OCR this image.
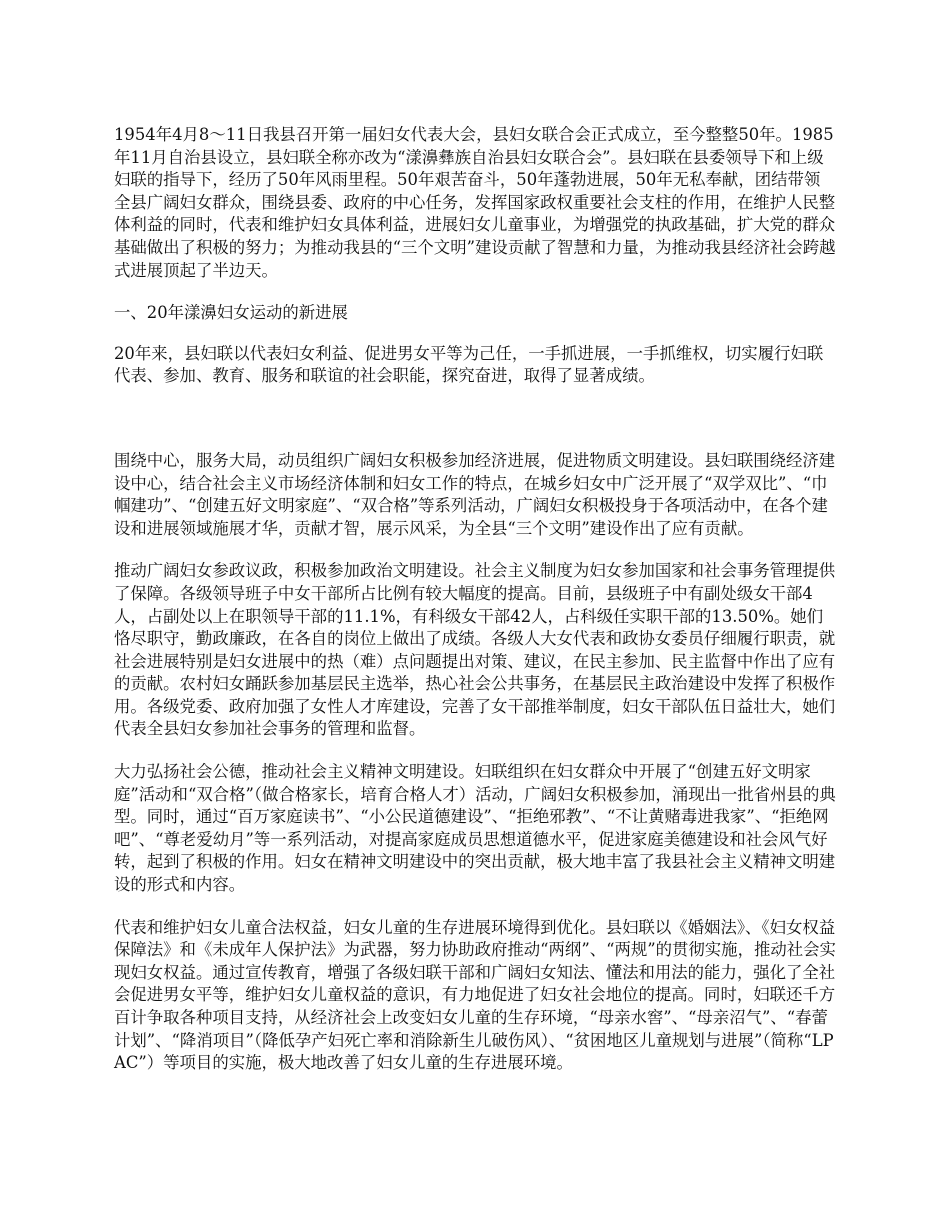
1954年4月8～11日我县召开第一届妇女代表大会，县妇女联合会正式成立，至今整整50年。1985年11月自治县设立，县妇联全称亦改为“漾濞彝族自治县妇女联合会”。县妇联在县委领导下和上级妇联的指导下，经历了50年风雨里程。50年艰苦奋斗，50年蓬勃进展，50年无私奉献，团结带领全县广阔妇女群众，围绕县委、政府的中心任务，发挥国家政权重要社会支柱的作用，在维护人民整体利益的同时，代表和维护妇女具体利益，进展妇女儿童事业，为增强党的执政基础，扩大党的群众基础做出了积极的努力；为推动我县的“三个文明”建设贡献了智慧和力量，为推动我县经济社会跨越式进展顶起了半边天。

一、20年漾濞妇女运动的新进展

20年来，县妇联以代表妇女利益、促进男女平等为己任，一手抓进展，一手抓维权，切实履行妇联代表、参加、教育、服务和联谊的社会职能，探究奋进，取得了显著成绩。

围绕中心，服务大局，动员组织广阔妇女积极参加经济进展，促进物质文明建设。县妇联围绕经济建设中心，结合社会主义市场经济体制和妇女工作的特点，在城乡妇女中广泛开展了“双学双比”、“巾帼建功”、“创建五好文明家庭”、“双合格”等系列活动，广阔妇女积极投身于各项活动中，在各个建设和进展领域施展才华，贡献才智，展示风采，为全县“三个文明”建设作出了应有贡献。

推动广阔妇女参政议政，积极参加政治文明建设。社会主义制度为妇女参加国家和社会事务管理提供了保障。各级领导班子中女干部所占比例有较大幅度的提高。目前，县级班子中有副处级女干部4人，占副处以上在职领导干部的11.1%，有科级女干部42人，占科级任实职干部的13.50%。她们恪尽职守，勤政廉政，在各自的岗位上做出了成绩。各级人大女代表和政协女委员仔细履行职责，就社会进展特别是妇女进展中的热（难）点问题提出对策、建议，在民主参加、民主监督中作出了应有的贡献。农村妇女踊跃参加基层民主选举，热心社会公共事务，在基层民主政治建设中发挥了积极作用。各级党委、政府加强了女性人才库建设，完善了女干部推举制度，妇女干部队伍日益壮大，她们代表全县妇女参加社会事务的管理和监督。

大力弘扬社会公德，推动社会主义精神文明建设。妇联组织在妇女群众中开展了“创建五好文明家庭”活动和“双合格”（做合格家长，培育合格人才）活动，广阔妇女积极参加，涌现出一批省州县的典型。同时，通过“百万家庭读书”、“小公民道德建设”、“拒绝邪教”、“不让黄赌毒进我家”、“拒绝网吧”、“尊老爱幼月”等一系列活动，对提高家庭成员思想道德水平，促进家庭美德建设和社会风气好转，起到了积极的作用。妇女在精神文明建设中的突出贡献，极大地丰富了我县社会主义精神文明建设的形式和内容。

代表和维护妇女儿童合法权益，妇女儿童的生存进展环境得到优化。县妇联以《婚姻法》、《妇女权益保障法》和《未成年人保护法》为武器，努力协助政府推动“两纲”、“两规”的贯彻实施，推动社会实现妇女权益。通过宣传教育，增强了各级妇联干部和广阔妇女知法、懂法和用法的能力，强化了全社会促进男女平等，维护妇女儿童权益的意识，有力地促进了妇女社会地位的提高。同时，妇联还千方百计争取各种项目支持，从经济社会上改变妇女儿童的生存环境，“母亲水窖”、“母亲沼气”、“春蕾计划”、“降消项目”（降低孕产妇死亡率和消除新生儿破伤风）、“贫困地区儿童规划与进展”（简称“LPAC”）等项目的实施，极大地改善了妇女儿童的生存进展环境。
